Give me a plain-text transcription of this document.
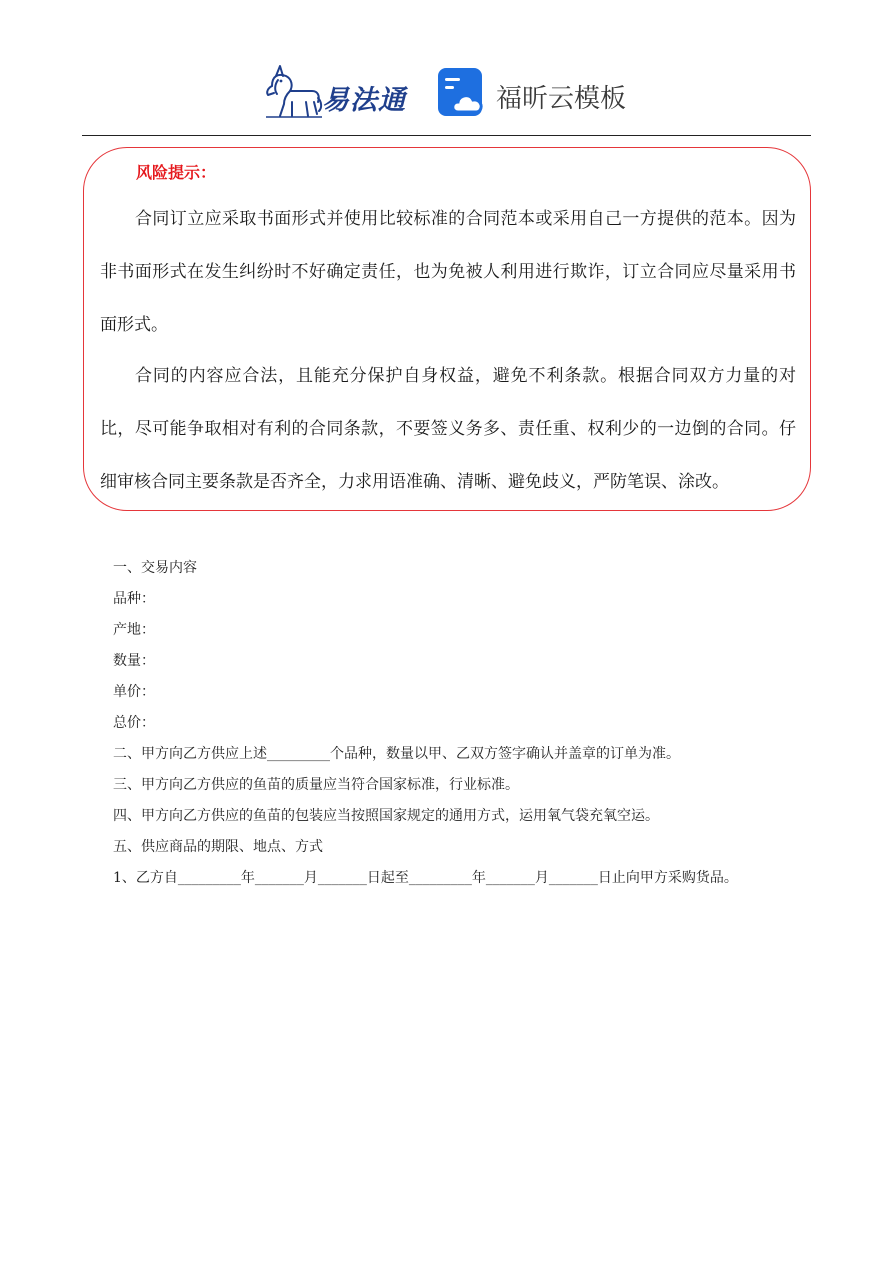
易法通	福昕云模板
风险提示：

合同订立应采取书面形式并使用比较标准的合同范本或采用自己一方提供的范本。因为非书面形式在发生纠纷时不好确定责任，也为免被人利用进行欺诈，订立合同应尽量采用书面形式。

合同的内容应合法，且能充分保护自身权益，避免不利条款。根据合同双方力量的对比，尽可能争取相对有利的合同条款，不要签义务多、责任重、权利少的一边倒的合同。仔细审核合同主要条款是否齐全，力求用语准确、清晰、避免歧义，严防笔误、涂改。

一、交易内容
品种：
产地：
数量：
单价：
总价：
二、甲方向乙方供应上述_________个品种，数量以甲、乙双方签字确认并盖章的订单为准。
三、甲方向乙方供应的鱼苗的质量应当符合国家标准，行业标准。
四、甲方向乙方供应的鱼苗的包装应当按照国家规定的通用方式，运用氧气袋充氧空运。
五、供应商品的期限、地点、方式
1、乙方自_________年_______月_______日起至_________年_______月_______日止向甲方采购货品。
